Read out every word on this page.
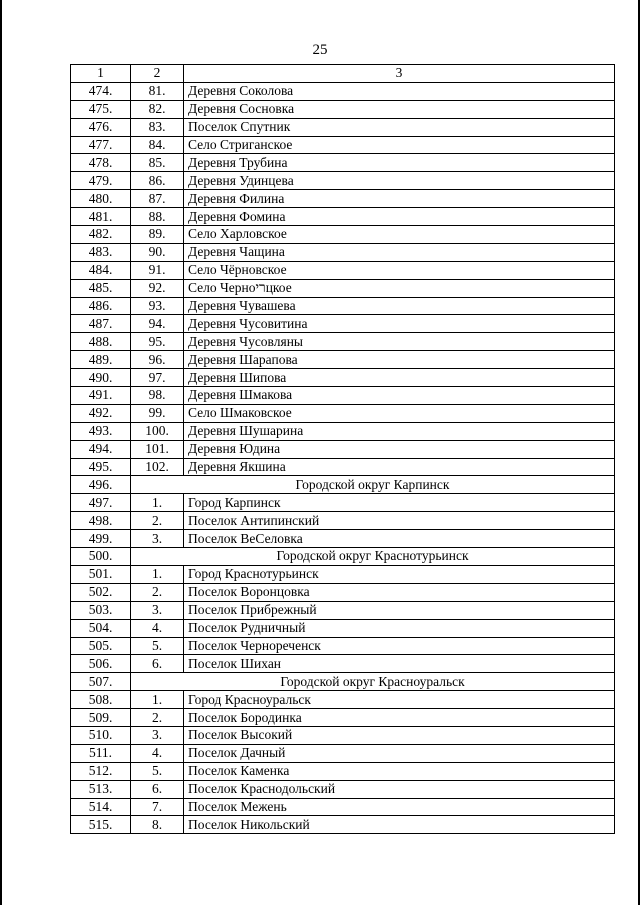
25
1	2	3
474.	81.	Деревня Соколова
475.	82.	Деревня Сосновка
476.	83.	Поселок Спутник
477.	84.	Село Стриганское
478.	85.	Деревня Трубина
479.	86.	Деревня Удинцева
480.	87.	Деревня Филина
481.	88.	Деревня Фомина
482.	89.	Село Харловское
483.	90.	Деревня Чащина
484.	91.	Село Чёрновское
485.	92.	Село Черноריцкое
486.	93.	Деревня Чувашева
487.	94.	Деревня Чусовитина
488.	95.	Деревня Чусовляны
489.	96.	Деревня Шарапова
490.	97.	Деревня Шипова
491.	98.	Деревня Шмакова
492.	99.	Село Шмаковское
493.	100.	Деревня Шушарина
494.	101.	Деревня Юдина
495.	102.	Деревня Якшина
496.	Городской округ Карпинск	
497.	1.	Город Карпинск
498.	2.	Поселок Антипинский
499.	3.	Поселок ВеСеловка
500.	Городской округ Краснотурьинск	
501.	1.	Город Краснотурьинск
502.	2.	Поселок Воронцовка
503.	3.	Поселок Прибрежный
504.	4.	Поселок Рудничный
505.	5.	Поселок Чернореченск
506.	6.	Поселок Шихан
507.	Городской округ Красноуральск	
508.	1.	Город Красноуральск
509.	2.	Поселок Бородинка
510.	3.	Поселок Высокий
511.	4.	Поселок Дачный
512.	5.	Поселок Каменка
513.	6.	Поселок Краснодольский
514.	7.	Поселок Межень
515.	8.	Поселок Никольский
